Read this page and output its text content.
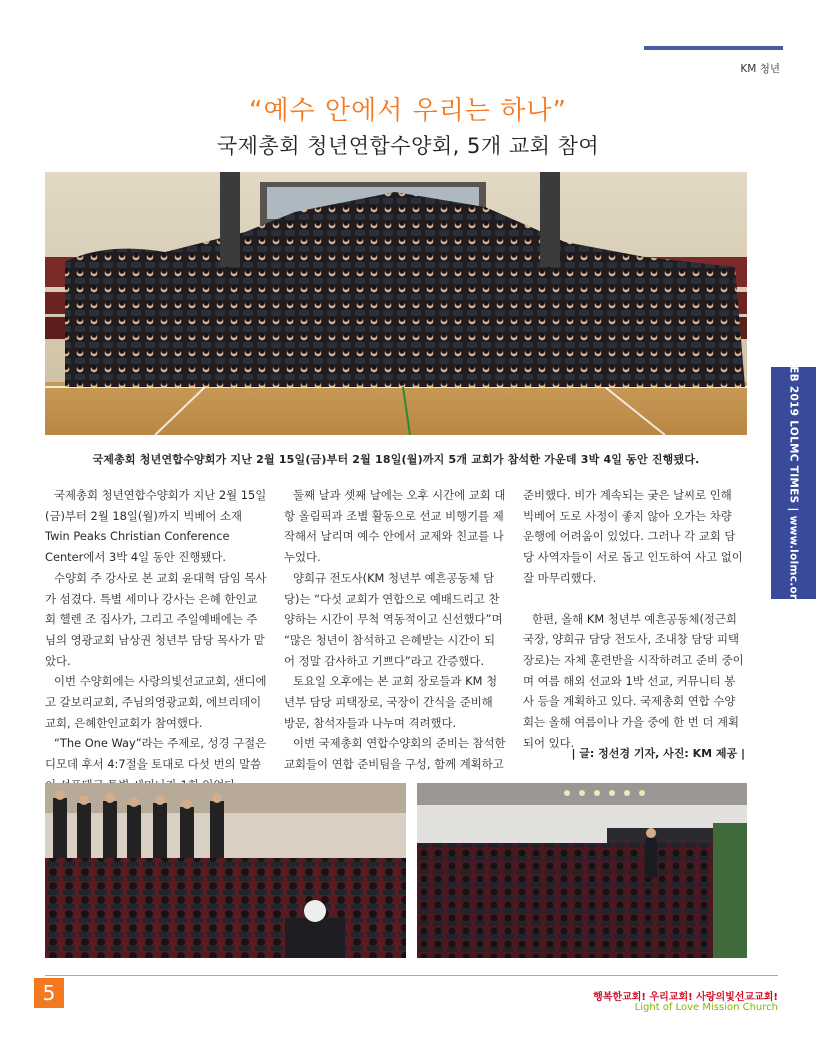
KM 청년
“예수 안에서 우리는 하나”
국제총회 청년연합수양회, 5개 교회 참여
국제총회 청년연합수양회가 지난 2월 15일(금)부터 2월 18일(월)까지 5개 교회가 참석한 가운데 3박 4일 동안 진행됐다.

국제총회 청년연합수양회가 지난 2월 15일(금)부터 2월 18일(월)까지 빅베어 소재 Twin Peaks Christian Conference Center에서 3박 4일 동안 진행됐다.

수양회 주 강사로 본 교회 윤대혁 담임 목사가 섬겼다. 특별 세미나 강사는 은혜 한인교회 헬렌 조 집사가, 그리고 주일예배에는 주님의 영광교회 남상권 청년부 담당 목사가 맡았다.

이번 수양회에는 사랑의빛선교교회, 샌디에고 갈보리교회, 주님의영광교회, 에브리데이교회, 은혜한인교회가 참여했다.

“The One Way”라는 주제로, 성경 구절은 디모데 후서 4:7절을 토대로 다섯 번의 말씀

둘째 날과 셋째 날에는 오후 시간에 교회 대항 올림픽과 조별 활동으로 선교 비행기를 제작해서 날리며 예수 안에서 교제와 친교를 나누었다.

양희규 전도사(KM 청년부 예흔공동체 담당)는 “다섯 교회가 연합으로 예배드리고 찬양하는 시간이 무척 역동적이고 신선했다”며 “많은 청년이 참석하고 은혜받는 시간이 되어 정말 감사하고 기쁘다”라고 간증했다.

토요일 오후에는 본 교회 장로들과 KM 청년부 담당 피택장로, 국장이 간식을 준비해 방문, 참석자들과 나누며 격려했다.

이번 국제총회 연합수양회의 준비는 참석한 교회들이 연합 준비팀을 구성, 함께 계획하고

준비했다. 비가 계속되는 궂은 날씨로 인해 빅베어 도로 사정이 좋지 않아 오가는 차량 운행에 어려움이 있었다. 그러나 각 교회 담당 사역자들이 서로 돕고 인도하여 사고 없이 잘 마무리했다.

한편, 올해 KM 청년부 예흔공동체(정근희 국장, 양희규 담당 전도사, 조내창 담당 피택장로)는 자체 훈련반을 시작하려고 준비 중이며 여름 해외 선교와 1박 선교, 커뮤니티 봉사 등을 계획하고 있다. 국제총회 연합 수양회는 올해 여름이나 가을 중에 한 번 더 계획되어 있다.

| 글: 정선경 기자, 사진: KM 제공 |
FEB 2019 LOLMC TIMES | www.lolmc.org
5	행복한교회! 우리교회! 사랑의빛선교교회!
Light of Love Mission Church
